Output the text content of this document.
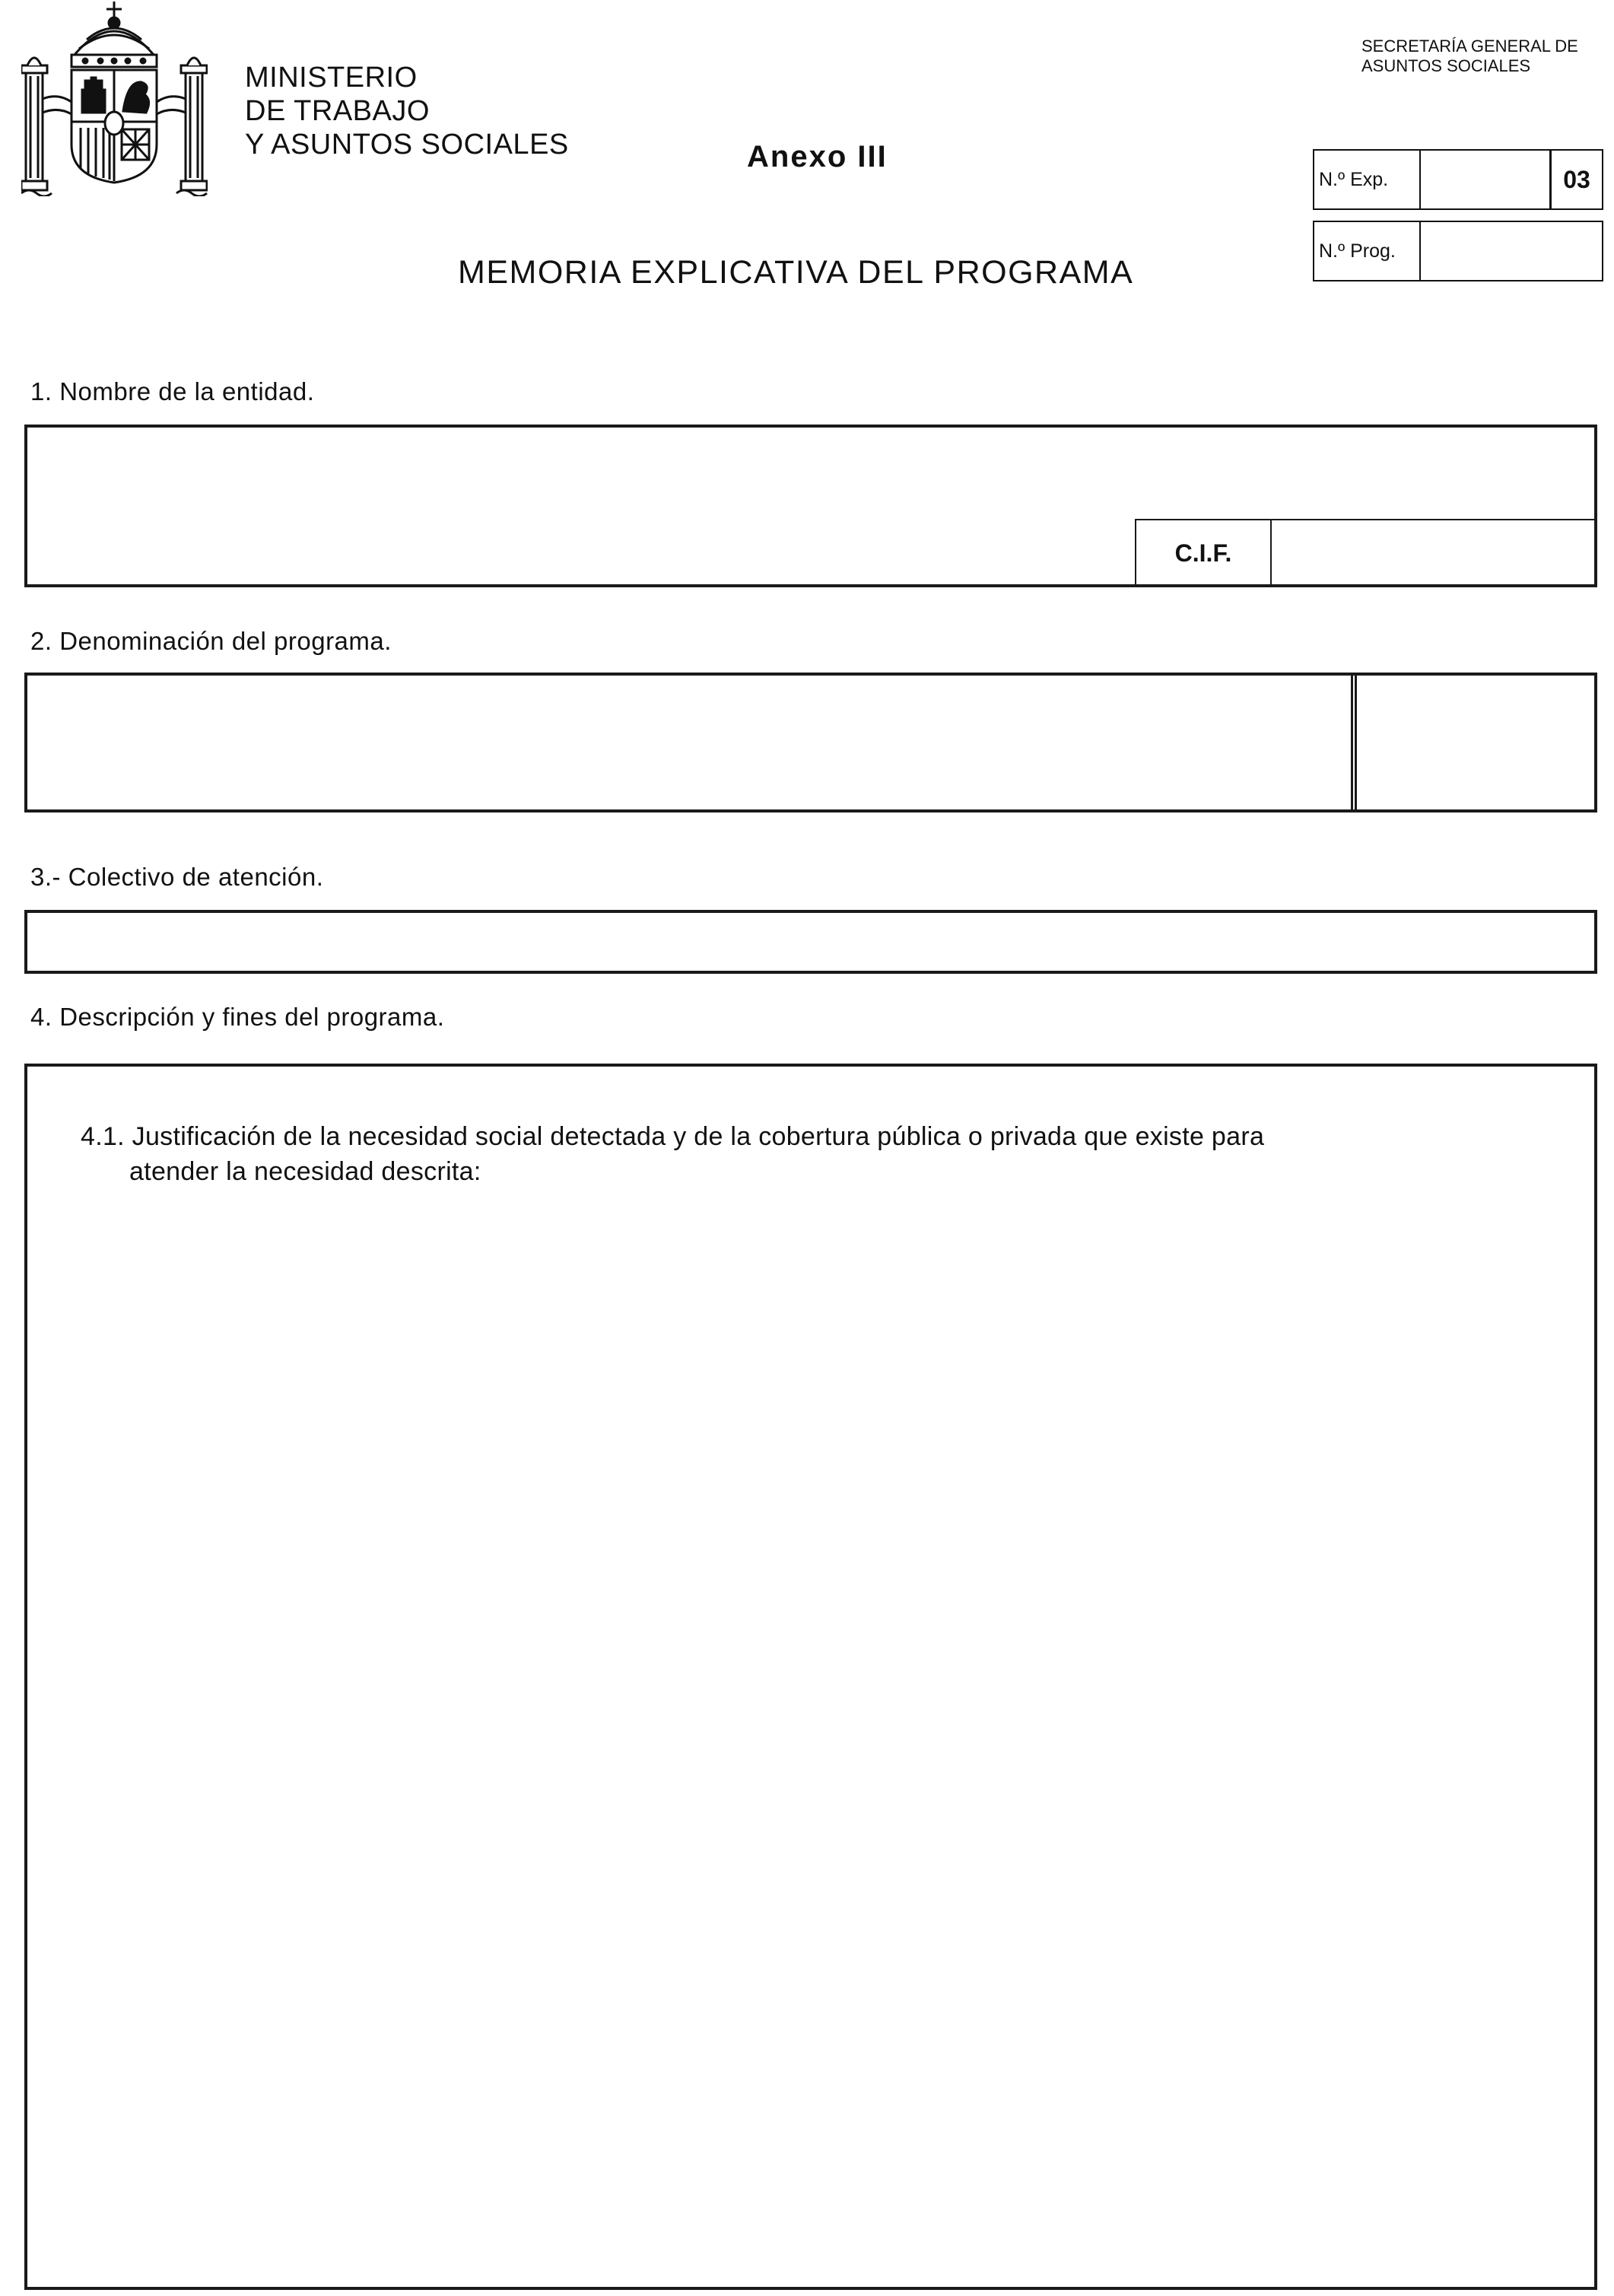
MINISTERIO
DE TRABAJO
Y ASUNTOS SOCIALES	Anexo III
SECRETARÍA GENERAL DE
ASUNTOS SOCIALES
N.º Exp.	03
N.º Prog.
MEMORIA EXPLICATIVA DEL PROGRAMA
1. Nombre de la entidad.
C.I.F.
2. Denominación del programa.
3.- Colectivo de atención.
4. Descripción y fines del programa.
4.1. Justificación de la necesidad social detectada y de la cobertura pública o privada que existe para
atender la necesidad descrita:
